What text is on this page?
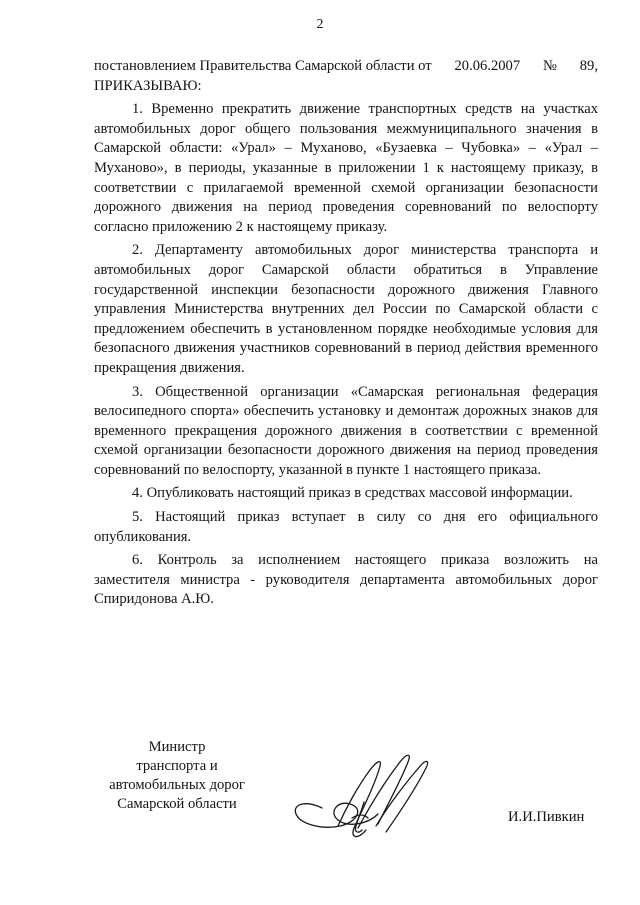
2

постановлением Правительства Самарской области от 20.06.2007 № 89,

ПРИКАЗЫВАЮ:

1. Временно прекратить движение транспортных средств на участках автомобильных дорог общего пользования межмуниципального значения в Самарской области: «Урал» – Муханово, «Бузаевка – Чубовка» – «Урал – Муханово», в периоды, указанные в приложении 1 к настоящему приказу, в соответствии с прилагаемой временной схемой организации безопасности дорожного движения на период проведения соревнований по велоспорту согласно приложению 2 к настоящему приказу.

2. Департаменту автомобильных дорог министерства транспорта и автомобильных дорог Самарской области обратиться в Управление государственной инспекции безопасности дорожного движения Главного управления Министерства внутренних дел России по Самарской области с предложением обеспечить в установленном порядке необходимые условия для безопасного движения участников соревнований в период действия временного прекращения движения.

3. Общественной организации «Самарская региональная федерация велосипедного спорта» обеспечить установку и демонтаж дорожных знаков для временного прекращения дорожного движения в соответствии с временной схемой организации безопасности дорожного движения на период проведения соревнований по велоспорту, указанной в пункте 1 настоящего приказа.

4. Опубликовать настоящий приказ в средствах массовой информации.

5. Настоящий приказ вступает в силу со дня его официального опубликования.

6. Контроль за исполнением настоящего приказа возложить на заместителя министра - руководителя департамента автомобильных дорог Спиридонова А.Ю.

Министр
транспорта и
автомобильных дорог
Самарской области
И.И.Пивкин
